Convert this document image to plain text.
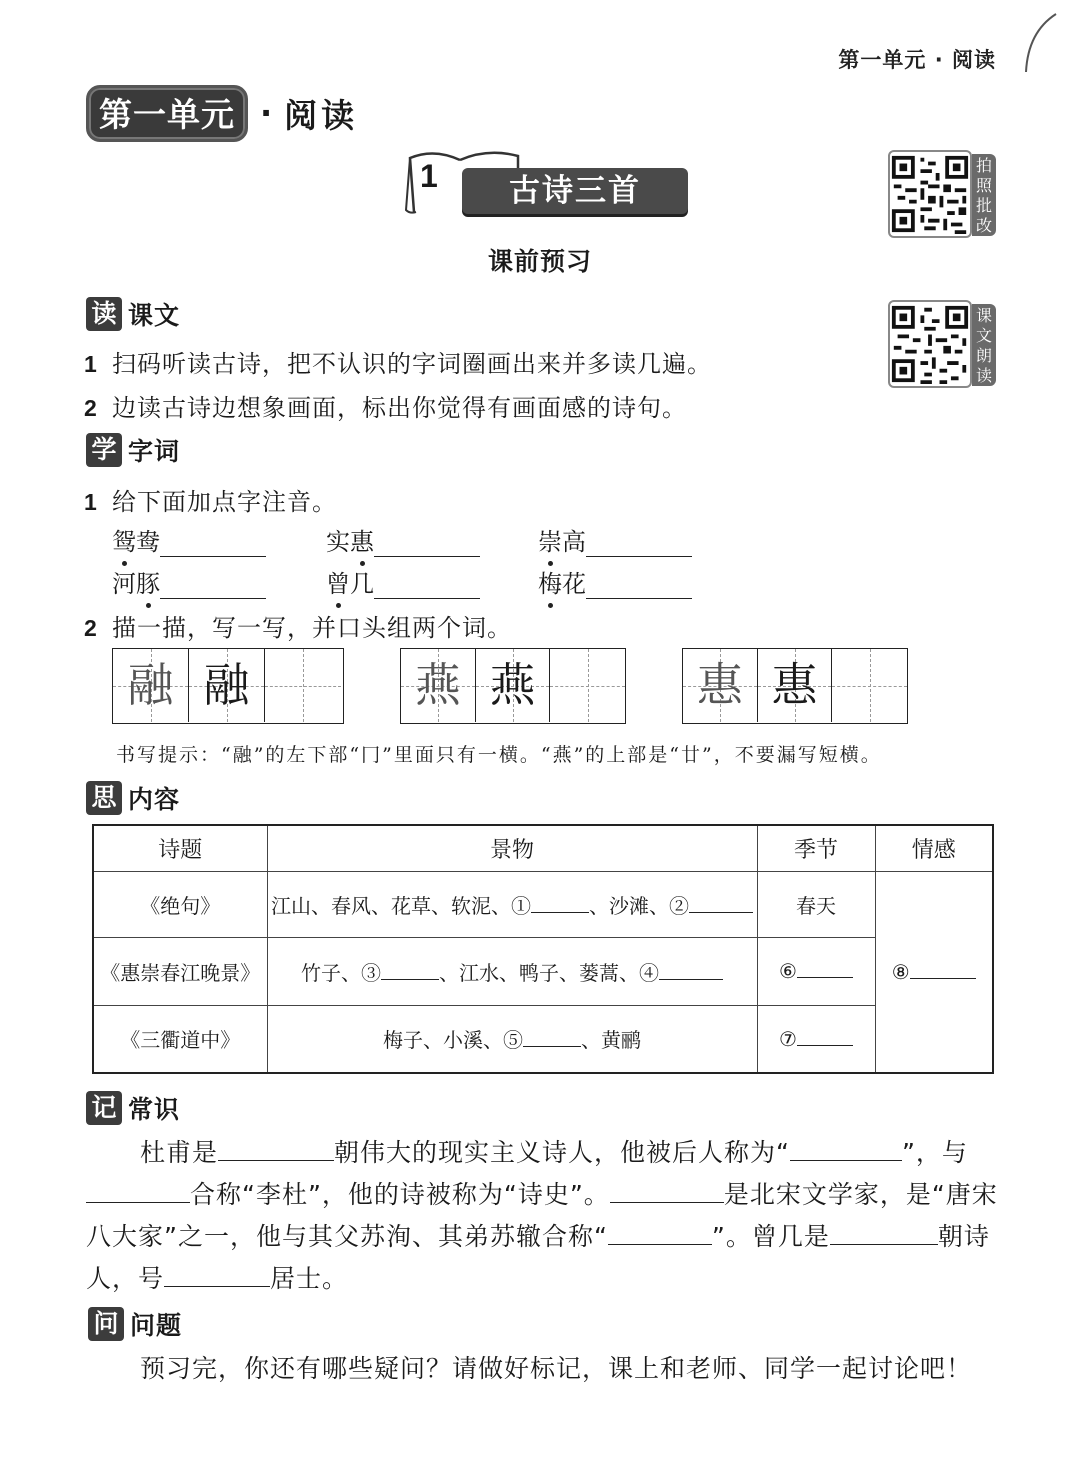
第一单元 · 阅读
第一单元 · 阅读
1	古诗三首
拍照批改
课文朗读
课前预习
读 课文
1 扫码听读古诗，把不认识的字词圈画出来并多读几遍。
2 边读古诗边想象画面，标出你觉得有画面感的诗句。
学 字词
1 给下面加点字注音。
鸳 鸯	实 惠	崇 高
河 豚	曾 几	梅 花
2 描一描，写一写，并口头组两个词。
融 融	燕 燕	惠 惠
书写提示：“融”的左下部“冂”里面只有一横。“燕”的上部是“廿”，不要漏写短横。
思 内容
诗题	景物	季节	情感
《绝句》	江山、春风、花草、软泥、① 、沙滩、②	春天	⑧
《惠崇春江晚景》	竹子、③ 、江水、鸭子、蒌蒿、④	⑥	
《三衢道中》	梅子、小溪、⑤ 、黄鹂	⑦	
记 常识
杜甫是	朝伟大的现实主义诗人，他被后人称为“	”，与
合称“李杜”，他的诗被称为“诗史”。	是北宋文学家，是“唐宋
八大家”之一，他与其父苏洵、其弟苏辙合称“	”。曾几是	朝诗
人，号	居士。
问 问题
预习完，你还有哪些疑问？请做好标记，课上和老师、同学一起讨论吧！
